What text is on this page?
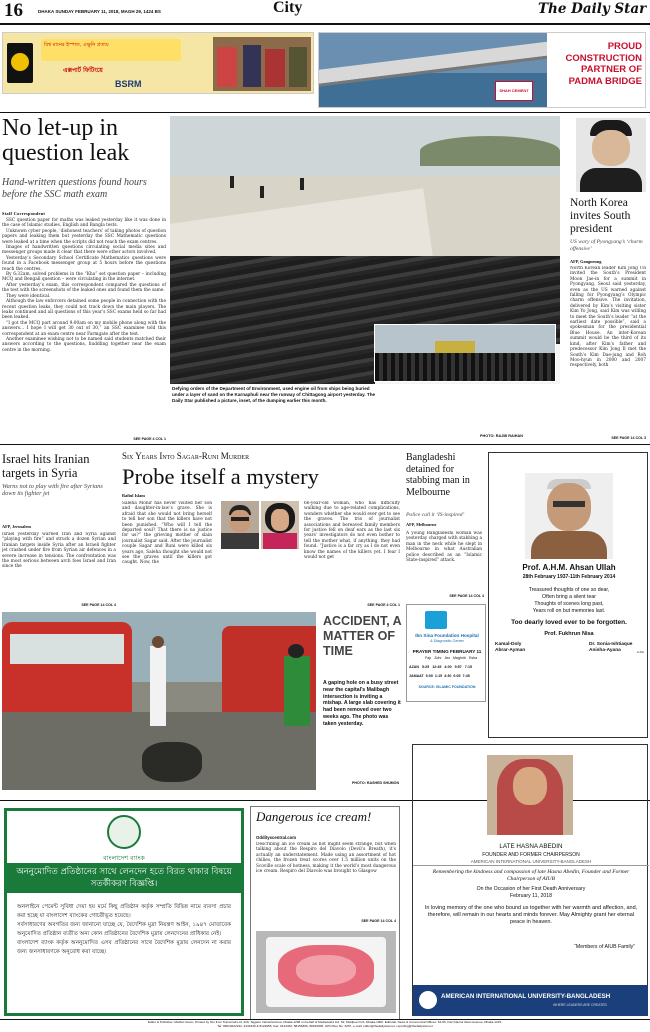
16	DHAKA SUNDAY FEBRUARY 11, 2018, MAGH 29, 1424 BS	City	The Daily Star
বিশ্ব মানের ইস্পাত, এক্ষুনি প্রত্যয়
এক্সপার্ট ফিটিংয়ে
BSRM
PROUD
CONSTRUCTION
PARTNER OF
PADMA BRIDGE
SHAH CEMENT
No let-up in question leak
Hand-written questions found hours before the SSC math exam
Staff Correspondent

SSC question paper for maths was leaked yesterday like it was done in the case of Islamic studies, English and Bangla tests.

Unknown cyber people, ‘dishonest teachers’ of taking photos of question papers and leaking them but yesterday the SSC Mathematic questions were leaked at a time when the scripts did not reach the exam centres.

Images of handwritten questions circulating social media sites and messenger groups made it clear that there were other actors involved.

Yesterday’s Secondary School Certificate Mathematics questions were found in a Facebook messenger group at 5 hours before the questions reach the centres.

By 6:32am, solved problems in the “Kha” set question paper – including MCQ and Bengali question – were circulating in the internet.

After yesterday’s exam, this correspondent compared the questions of the test with the screenshots of the leaked ones and found them the same.

They were identical.

Although the law enforcers detained some people in connection with the recent question leaks, they could not track down the main players. The leaks continued and all questions of this year’s SSC exams held so far had been leaked.

“I got the MCQ part around 9:00am on my mobile phone along with the answers... I hope I will get 30 out of 30,” an SSC examinee told this correspondent at an exam centre near Farmgate after the test.

Another examinee wishing not to be named said students matched their answers according to the questions, huddling together near the exam centre in the morning.

SEE PAGE 4 COL 1
Defying orders of the Department of Environment, used engine oil from ships being buried under a layer of sand on the Karnaphuli near the runway of Chittagong airport yesterday. The Daily Star published a picture, inset, of the dumping earlier this month.
PHOTO: RAJIB RAIHAN
North Korea invites South president
US wary of Pyongyang’s ‘charm offensive’
AFP, Gangneung
North Korean leader Kim Jong Un invited the South’s President Moon Jae-in for a summit in Pyongyang, Seoul said yesterday, even as the US warned against falling for Pyongyang’s Olympic charm offensive. The invitation, delivered by Kim’s visiting sister Kim Yo Jong, said Kim was willing to meet the South’s leader “at the earliest date possible”, said a spokesman for the presidential Blue House. An inter-Korean summit would be the third of its kind, after Kim’s father and predecessor Kim Jong Il met the South’s Kim Dae-jung and Roh Moo-hyun in 2000 and 2007 respectively, both
SEE PAGE 14 COL 3
Israel hits Iranian targets in Syria
Warns not to play with fire after Syrians down its fighter jet
AFP, Jerusalem
Israel yesterday warned Iran and Syria against “playing with fire” and struck a dozen Syrian and Iranian targets inside Syria after an Israeli fighter jet crashed under fire from Syrian air defences in a severe increase in tensions. The confrontation was the most serious between arch foes Israel and Iran since the
SEE PAGE 14 COL 4
Six Years Into Sagar-Runi Murder
Probe itself a mystery
Rafiul Islam
Saleha Monir has never visited her son and daughter-in-law’s grave. She is afraid that she would not bring herself to tell her son that the killers have not been punished. “Who will I tell the departed soul? That there is no justice for us?” the grieving mother of slain journalist Sagar said. After the journalist couple Sagar and Runi were killed six years ago, Saleha thought she would not see the graves until the killers got caught. Now, the
66-year-old woman, who has difficulty walking due to age-related complications, wonders whether she would ever get to see the graves. The trio of journalist associations and bereaved family members for justice fell on deaf ears as the last six years’ investigators do not even bother to tell the mother what, if anything, they had found. “Justice is a far cry as I do not even know the names of the killers yet. I fear I would not get
SEE PAGE 4 COL 1
Bangladeshi detained for stabbing man in Melbourne
Police call it ‘IS-inspired’
AFP, Melbourne
A young Bangladeshi woman was yesterday charged with stabbing a man in the neck while he slept in Melbourne in what Australian police described as an “Islamic State-inspired” attack.
SEE PAGE 14 COL 4
Ibn Sina Foundation Hospital
& Diagnostic Center
PRAYER TIMING FEBRUARY 11
Fajr Zohr Asr Maghrib Esha
AZAN 5:25 12:45 4:00 5:57 7:15
JAMAAT 6:00 1:15 4:30 6:05 7:45
SOURCE: ISLAMIC FOUNDATION
Prof. A.H.M. Ahsan Ullah
28th February 1937-11th February 2014
Treasured thoughts of one so dear,
Often bring a silent tear
Thoughts of scenes long past,
Years roll on but memories last.
Too dearly loved ever to be forgotten.
Prof. Fukhrun Nisa
Kamal-Doly
Abrar-Ayman
Dr. Sonia-Ishtiaque
Anisha-Ayana	2-AG
ACCIDENT, A MATTER OF TIME
A gaping hole on a busy street near the capital’s Malibagh intersection is inviting a mishap. A large slab covering it had been removed over two weeks ago. The photo was taken yesterday.
PHOTO: RASHED SHUMON
বাংলাদেশ ব্যাংক
অননুমোদিত প্রতিষ্ঠানের সাথে লেনদেন হতে বিরত থাকার বিষয়ে সতর্কীকরণ বিজ্ঞপ্তি।

অনলাইনে পেমেন্ট সুবিধা দেয়া হয় মর্মে কিছু প্রতিষ্ঠান কর্তৃক সম্প্রতি বিভিন্ন নামে ব্যবসা প্রচার করা হচ্ছে যা বাংলাদেশ ব্যাংকের গোচরীভূত হয়েছে।

সর্বসাধারণের অবগতির জন্য জানানো যাচ্ছে যে, বৈদেশিক মুদ্রা নিয়ন্ত্রণ আইন, ১৯৪৭ মোতাবেক অনুমোদিত প্রতিষ্ঠান ব্যতীত অন্য কোন প্রতিষ্ঠানের বৈদেশিক মুদ্রায় লেনদেনের প্রাধিকার নেই।

বাংলাদেশ ব্যাংক কর্তৃক অননুমোদিত এসব প্রতিষ্ঠানের সাথে বৈদেশিক মুদ্রায় লেনদেন না করার জন্য জনসাধারণকে অনুরোধ করা যাচ্ছে।

Dangerous ice cream!
Oddityscentral.com
Describing an ice cream as hot might seem strange, but when talking about the Respiro del Diavolo (Devil’s Breath), it’s actually an understatement. Made using an assortment of hot chilies, the frozen treat scores over 1.5 million units on the Scoville scale of hotness, making it the world’s most dangerous ice cream. Respiro del Diavolo was brought to Glasgow
SEE PAGE 14 COL 4
LATE HASNA ABEDIN
FOUNDER AND FORMER CHAIRPERSON
AMERICAN INTERNATIONAL UNIVERSITY-BANGLADESH
Remembering the kindness and compassion of late Hasna Abedin, Founder and Former Chairperson of AIUB
On the Occasion of her First Death Anniversary
February 11, 2018
In loving memory of the one who bound us together with her warmth and affection, and, therefore, will remain in our hearts and minds forever. May Almighty grant her eternal peace in heaven.
“Members of AIUB Family”
AMERICAN INTERNATIONAL UNIVERSITY-BANGLADESH
WHERE LEADERS ARE CREATED
Editor & Publisher: Mahfuz Anam. Printed by him from Transcraft Ltd, 229, Tejgaon Industrial Area, Dhaka-1208 on behalf of Mediaworld Ltd, 52, Motijheel C/A, Dhaka-1000. Editorial, News & Commercial Offices: 64-65, Kazi Nazrul Islam Avenue, Dhaka-1215.
Tel: 09610222222, 9144330 & 8124955, Fax: 9144332, 58156306, 58156308, GPO Box No. 3257, e-mail: editor@thedailystar.net, reporting@thedailystar.net
